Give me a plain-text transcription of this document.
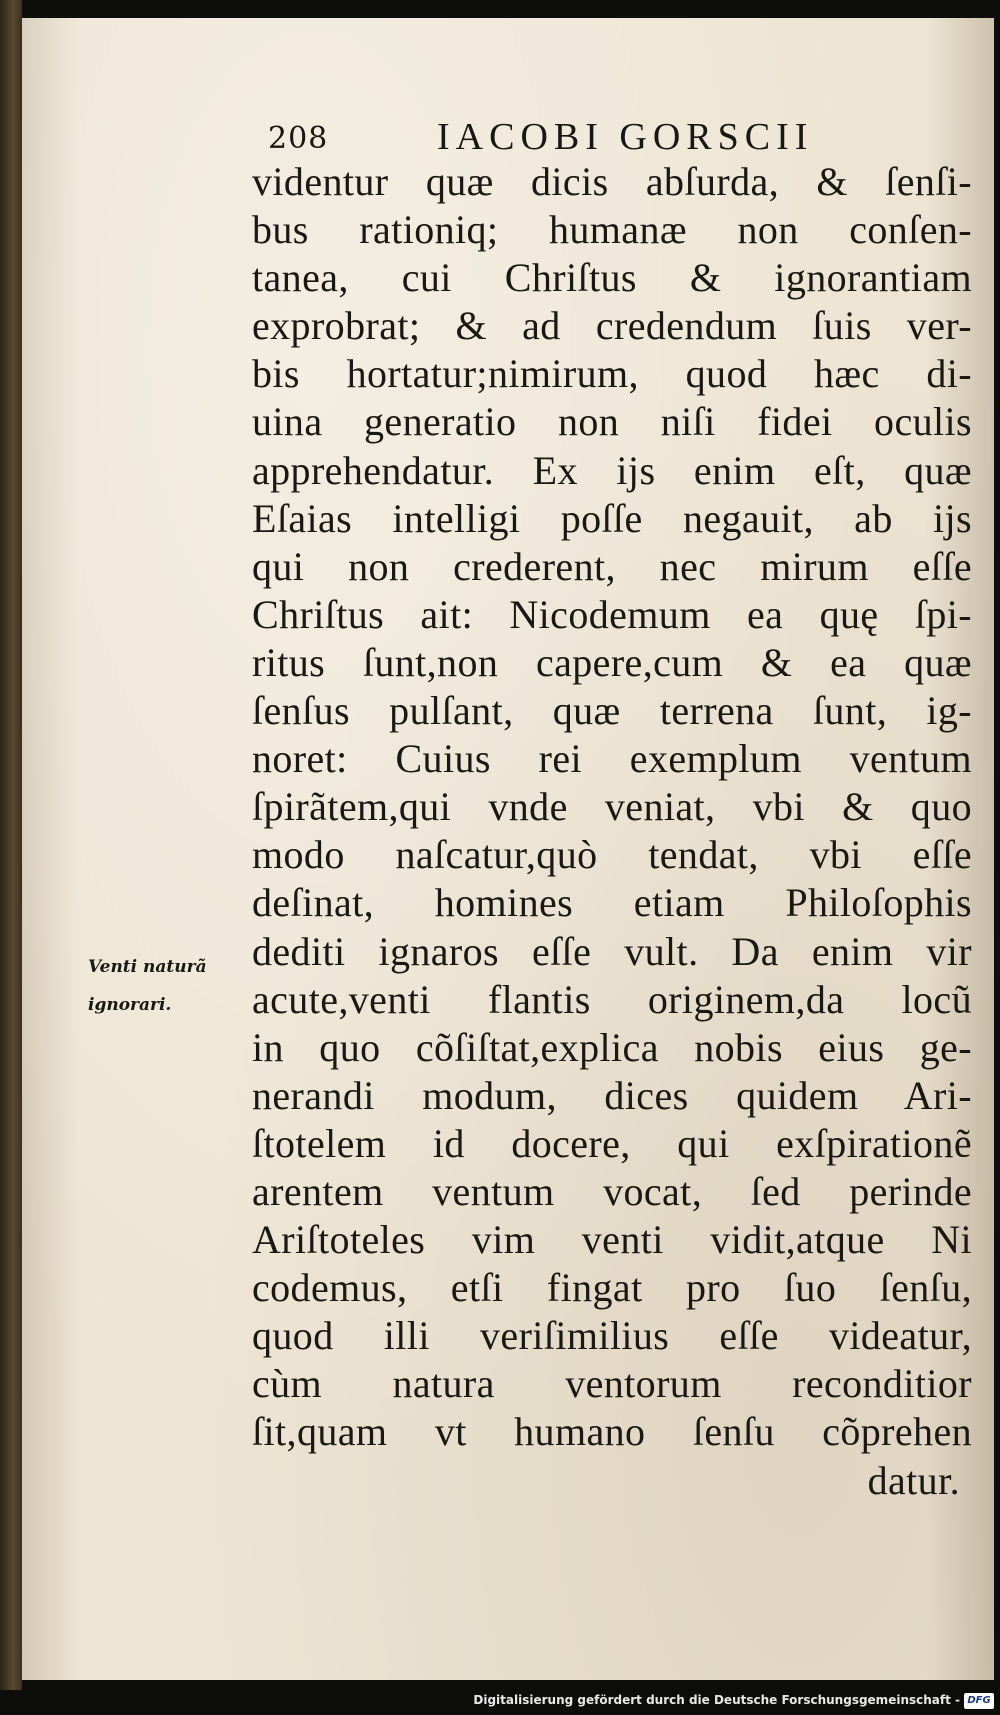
208	IACOBI GORSCII
videntur quæ dicis abſurda, & ſenſi-
bus rationiq; humanæ non conſen-
tanea, cui Chriſtus & ignorantiam
exprobrat; & ad credendum ſuis ver-
bis hortatur;nimirum, quod hæc di-
uina generatio non niſi fidei oculis
apprehendatur. Ex ijs enim eſt, quæ
Eſaias intelligi poſſe negauit, ab ijs
qui non crederent, nec mirum eſſe
Chriſtus ait: Nicodemum ea quę ſpi-
ritus ſunt,non capere,cum & ea quæ
ſenſus pulſant, quæ terrena ſunt, ig-
noret: Cuius rei exemplum ventum
ſpirãtem,qui vnde veniat, vbi & quo
modo naſcatur,quò tendat, vbi eſſe
deſinat, homines etiam Philoſophis
dediti ignaros eſſe vult. Da enim vir
acute,venti flantis originem,da locũ
in quo cõſiſtat,explica nobis eius ge-
nerandi modum, dices quidem Ari-
ſtotelem id docere, qui exſpirationẽ
arentem ventum vocat, ſed perinde
Ariſtoteles vim venti vidit,atque Ni
codemus, etſi fingat pro ſuo ſenſu,
quod illi veriſimilius eſſe videatur,
cùm natura ventorum reconditior
ſit,quam vt humano ſenſu cõprehen
datur.
Venti naturã
ignorari.
Digitalisierung gefördert durch die Deutsche Forschungsgemeinschaft - DFG
